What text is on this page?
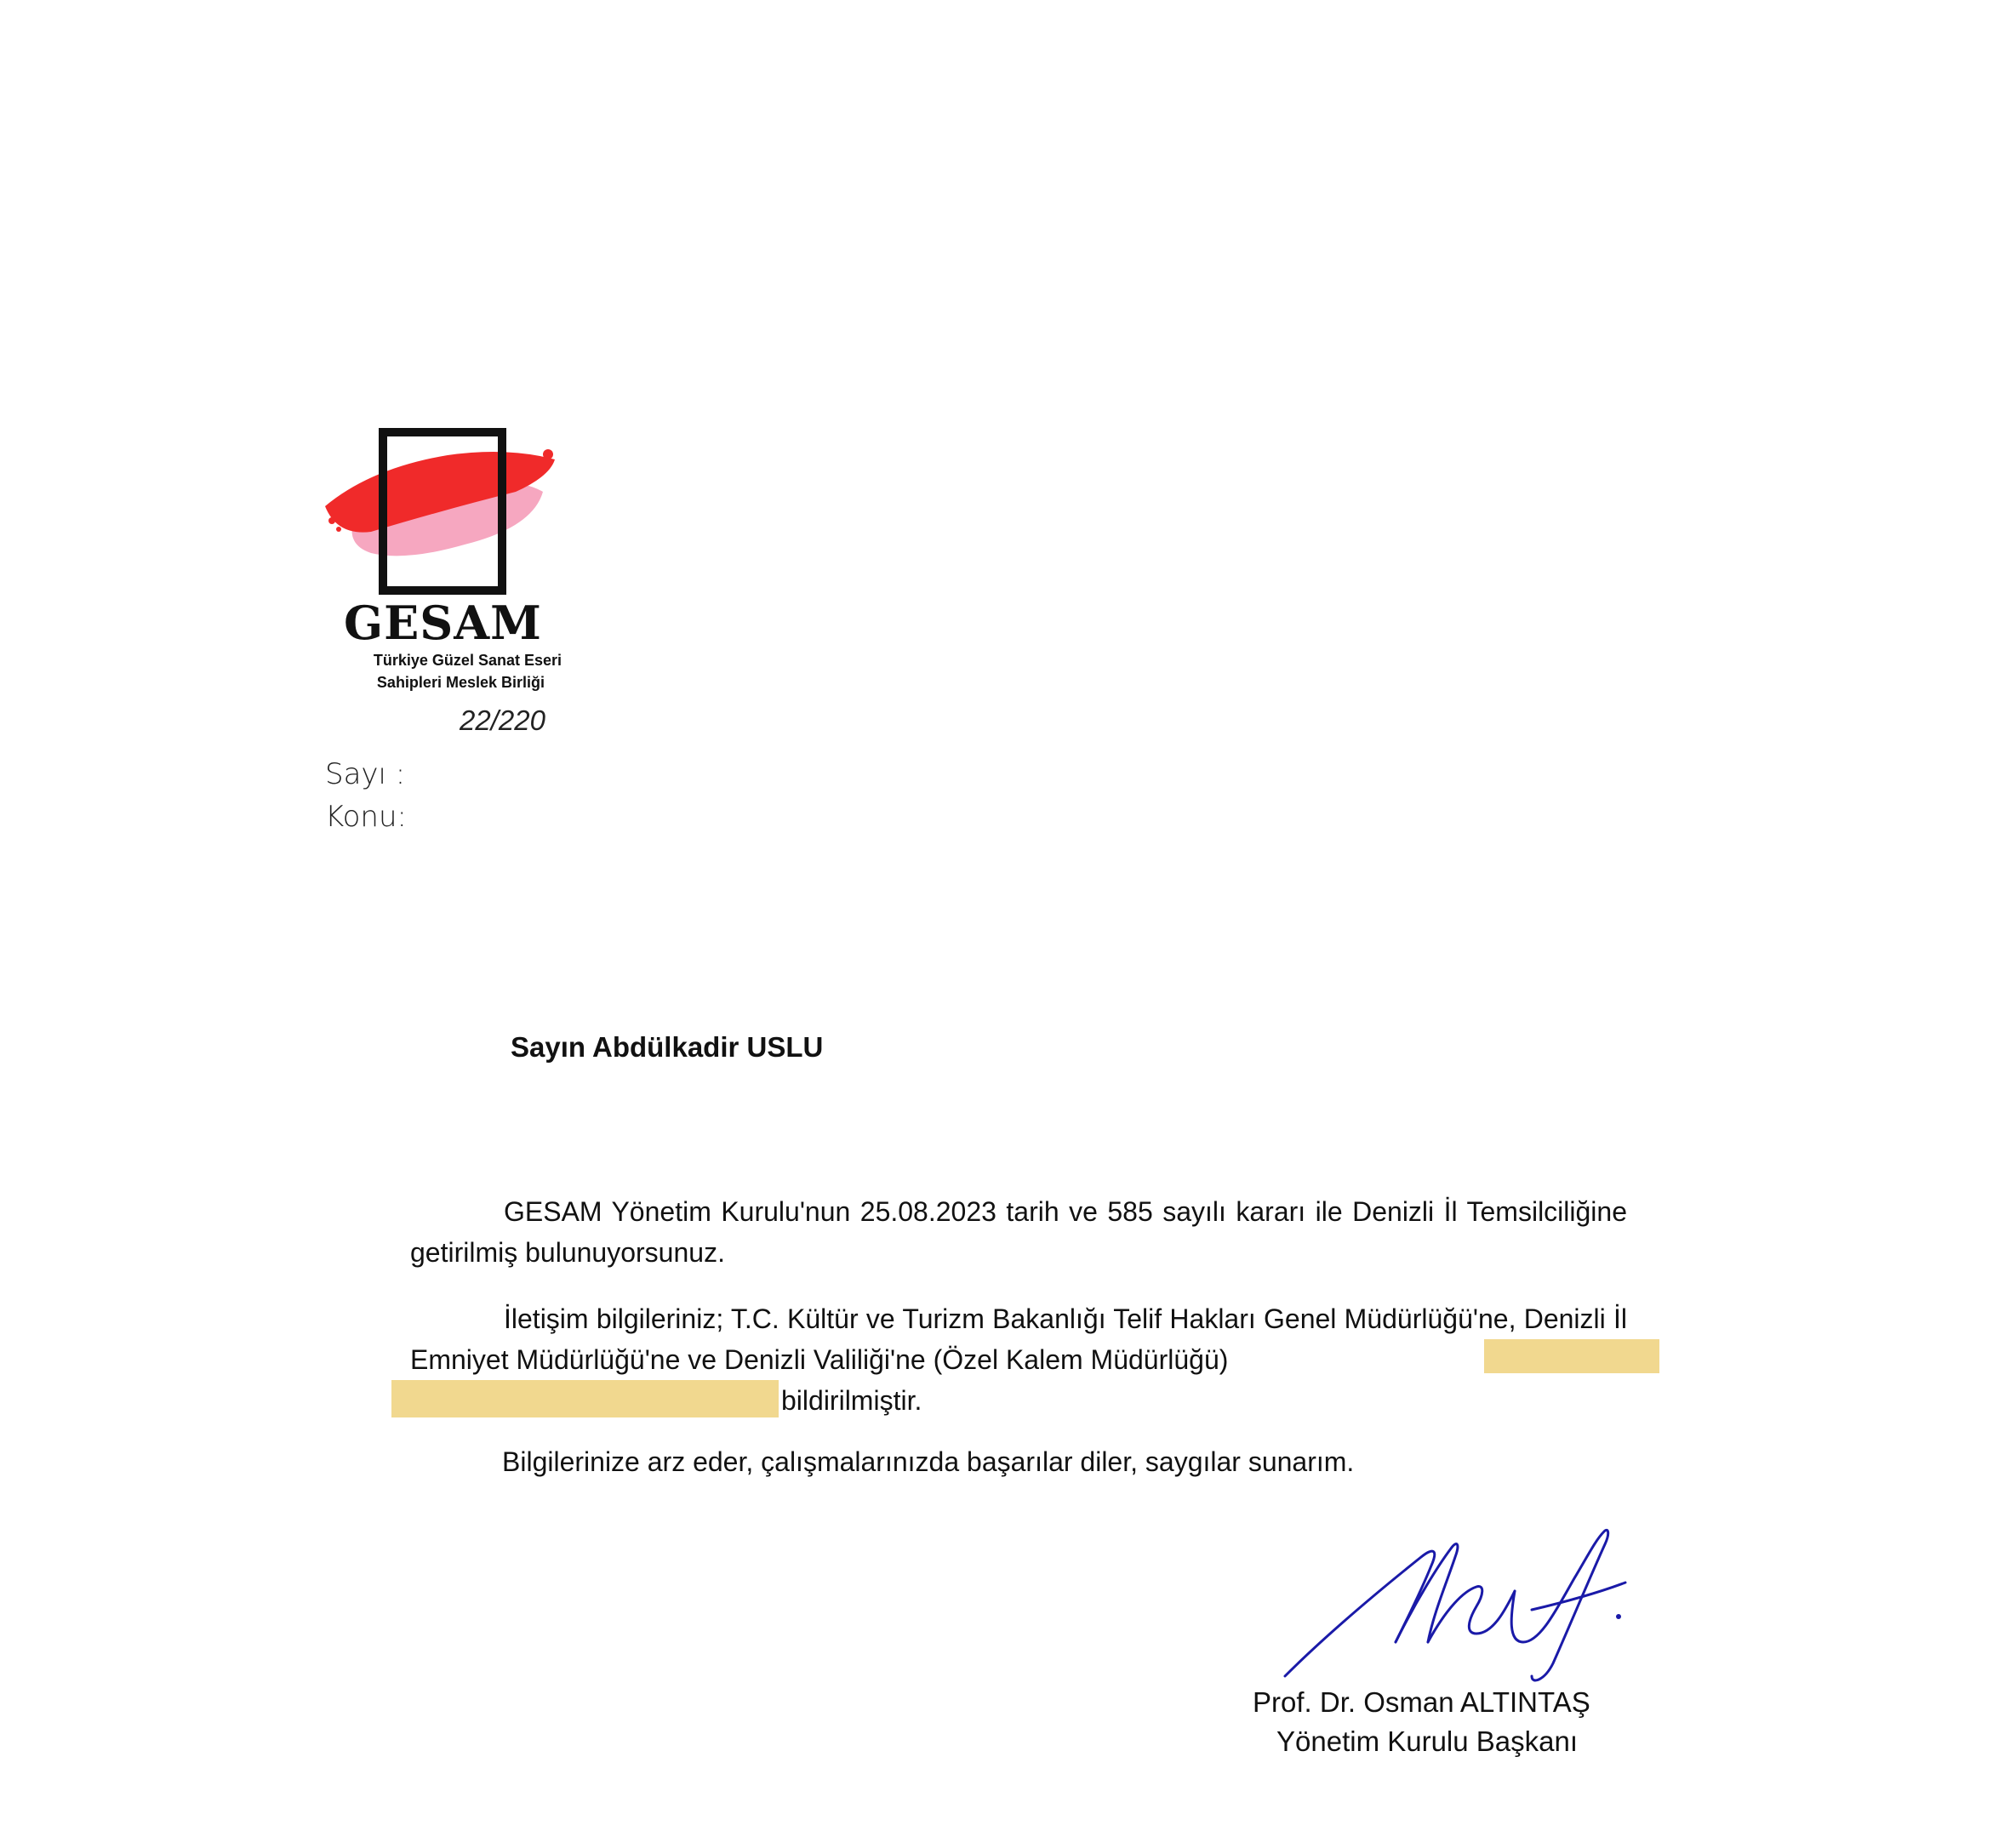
GESAM
Türkiye Güzel Sanat Eseri
Sahipleri Meslek Birliği
22/220
Sayı :
Konu:
Sayın Abdülkadir USLU
GESAM Yönetim Kurulu'nun 25.08.2023 tarih ve 585 sayılı kararı ile Denizli İl Temsilciliğine getirilmiş bulunuyorsunuz.
İletişim bilgileriniz; T.C. Kültür ve Turizm Bakanlığı Telif Hakları Genel Müdürlüğü'ne, Denizli İl Emniyet Müdürlüğü'ne ve Denizli Valiliği'ne (Özel Kalem Müdürlüğü)
bildirilmiştir.
Bilgilerinize arz eder, çalışmalarınızda başarılar diler, saygılar sunarım.
Prof. Dr. Osman ALTINTAŞ
Yönetim Kurulu Başkanı
